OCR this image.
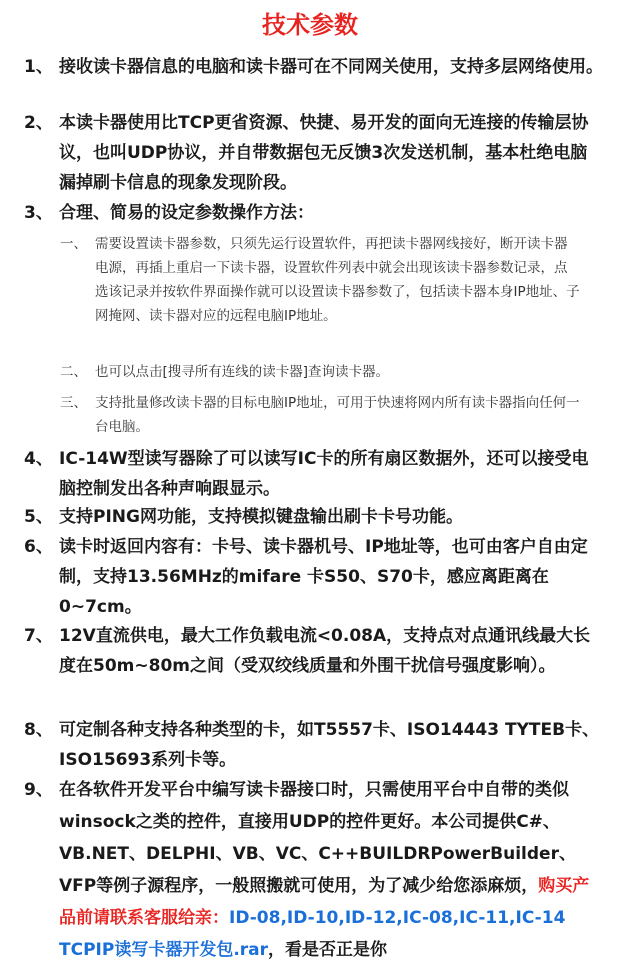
技术参数
1、 接收读卡器信息的电脑和读卡器可在不同网关使用，支持多层网络使用。
2、 本读卡器使用比TCP更省资源、快捷、易开发的面向无连接的传输层协议，也叫UDP协议，并自带数据包无反馈3次发送机制，基本杜绝电脑漏掉刷卡信息的现象发现阶段。
3、 合理、简易的设定参数操作方法：
一、 需要设置读卡器参数，只须先运行设置软件，再把读卡器网线接好，断开读卡器电源，再插上重启一下读卡器，设置软件列表中就会出现该读卡器参数记录，点选该记录并按软件界面操作就可以设置读卡器参数了，包括读卡器本身IP地址、子网掩网、读卡器对应的远程电脑IP地址。
二、 也可以点击[搜寻所有连线的读卡器]查询读卡器。
三、 支持批量修改读卡器的目标电脑IP地址，可用于快速将网内所有读卡器指向任何一台电脑。
4、 IC-14W型读写器除了可以读写IC卡的所有扇区数据外，还可以接受电脑控制发出各种声响跟显示。
5、 支持PING网功能，支持模拟键盘输出刷卡卡号功能。
6、 读卡时返回内容有：卡号、读卡器机号、IP地址等，也可由客户自由定制，支持13.56MHz的mifare 卡S50、S70卡，感应离距离在0~7cm。
7、 12V直流供电，最大工作负载电流<0.08A，支持点对点通讯线最大长度在50m~80m之间（受双绞线质量和外围干扰信号强度影响）。
8、 可定制各种支持各种类型的卡，如T5557卡、ISO14443 TYTEB卡、ISO15693系列卡等。
9、 在各软件开发平台中编写读卡器接口时，只需使用平台中自带的类似winsock之类的控件，直接用UDP的控件更好。本公司提供C#、VB.NET、DELPHI、VB、VC、C++BUILDRPowerBuilder、VFP等例子源程序，一般照搬就可使用，为了减少给您添麻烦，购买产品前请联系客服给亲：ID-08,ID-10,ID-12,IC-08,IC-11,IC-14 TCPIP读写卡器开发包.rar，看是否正是你
